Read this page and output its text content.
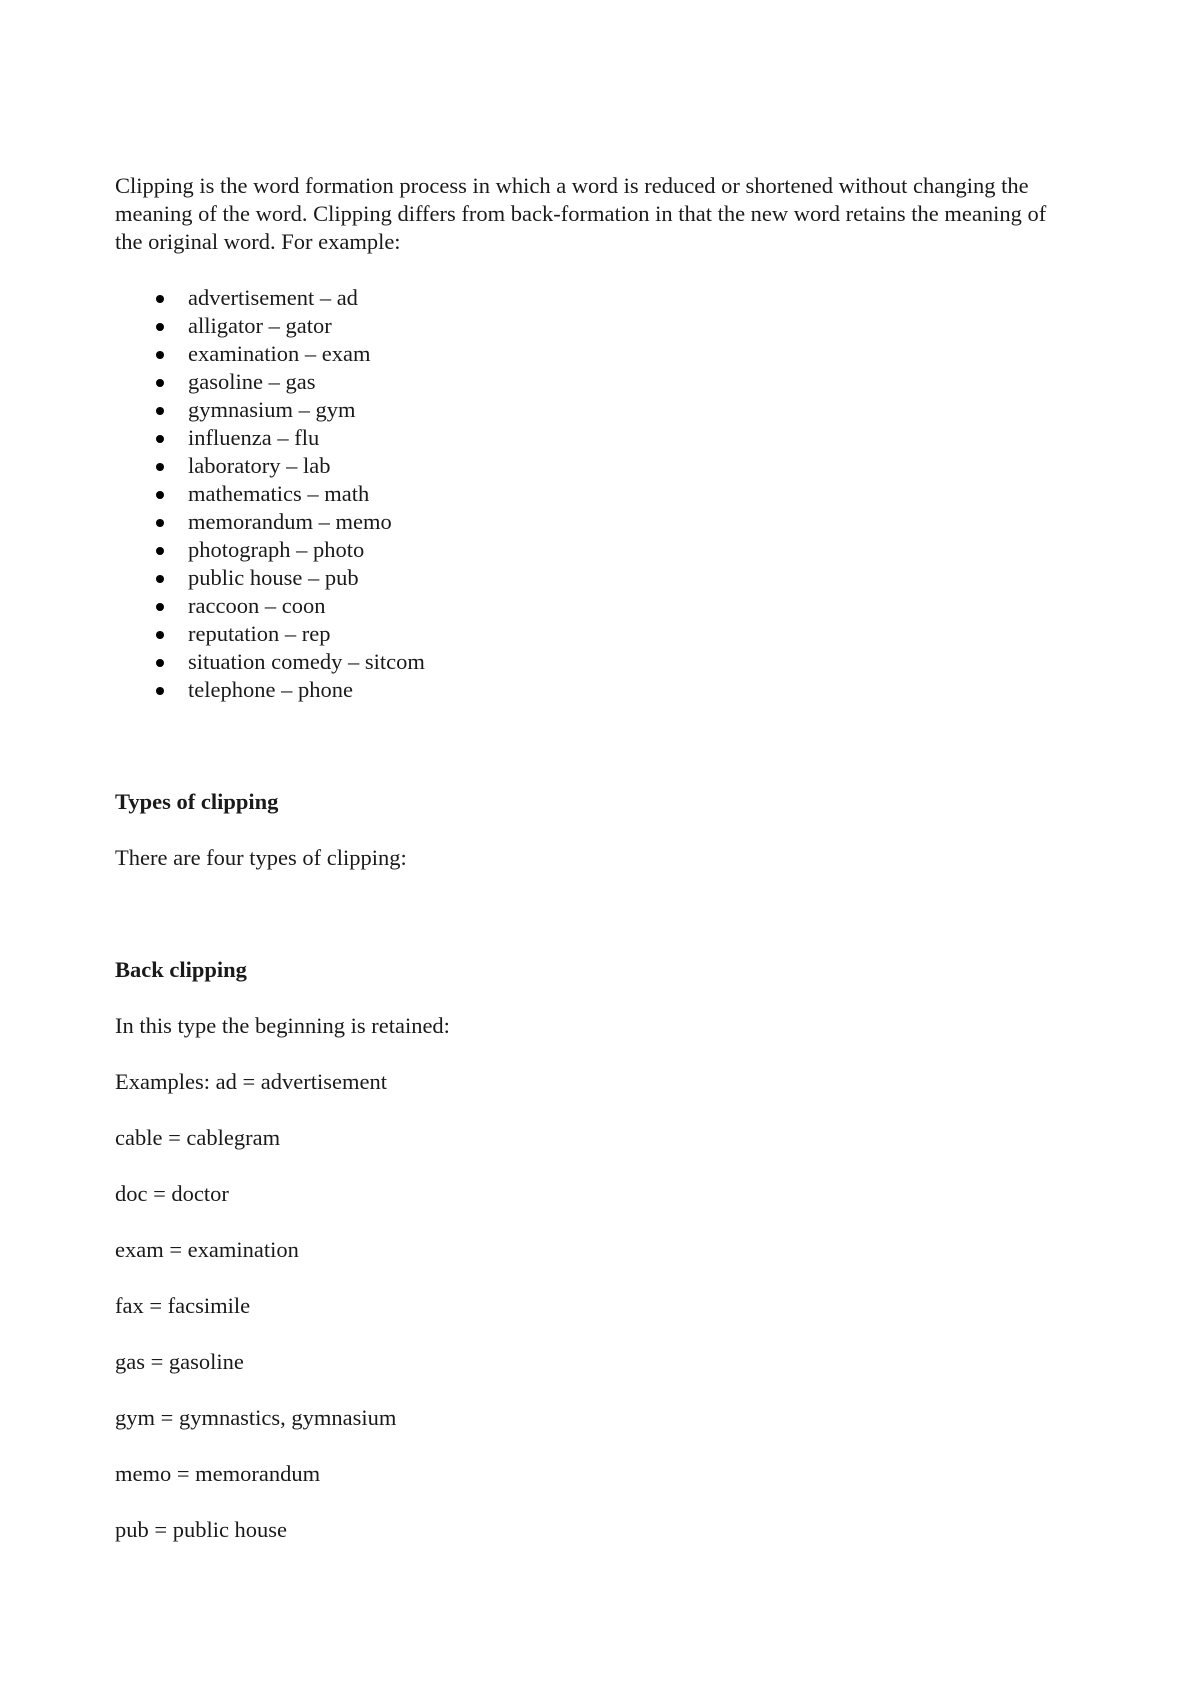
Clipping is the word formation process in which a word is reduced or shortened without changing the meaning of the word. Clipping differs from back-formation in that the new word retains the meaning of the original word. For example:

advertisement – ad
alligator – gator
examination – exam
gasoline – gas
gymnasium – gym
influenza – flu
laboratory – lab
mathematics – math
memorandum – memo
photograph – photo
public house – pub
raccoon – coon
reputation – rep
situation comedy – sitcom
telephone – phone

Types of clipping

There are four types of clipping:

Back clipping

In this type the beginning is retained:

Examples: ad = advertisement

cable = cablegram

doc = doctor

exam = examination

fax = facsimile

gas = gasoline

gym = gymnastics, gymnasium

memo = memorandum

pub = public house
